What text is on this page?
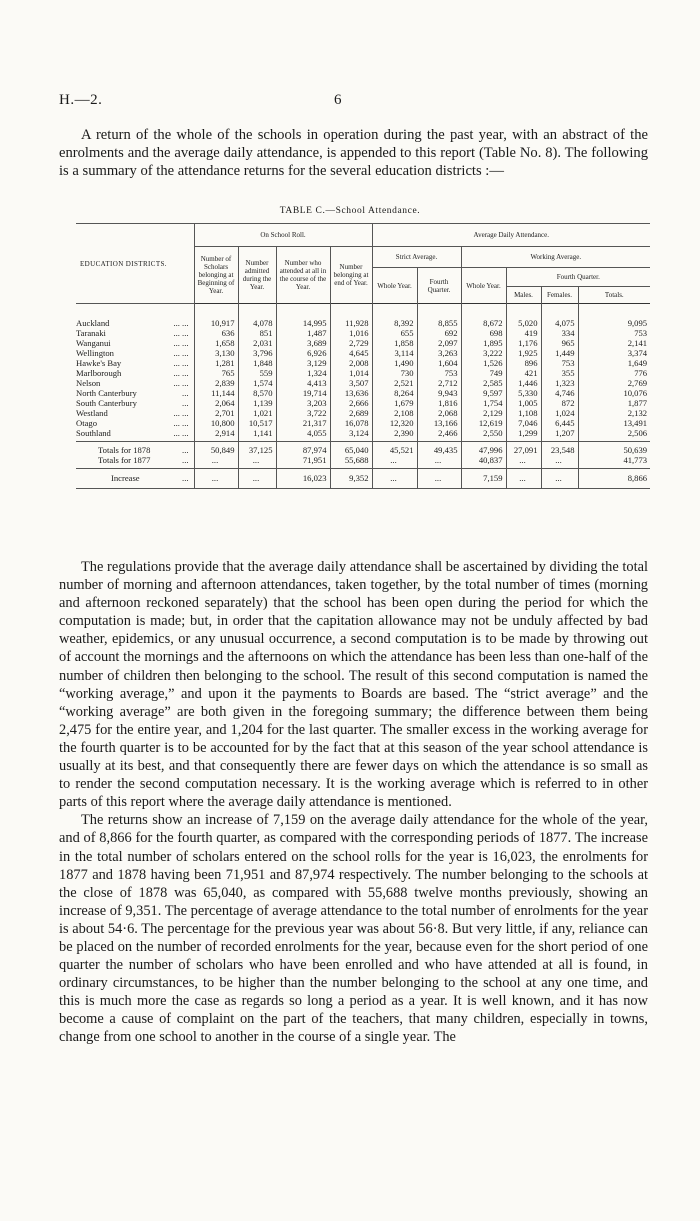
H.—2.	6

A return of the whole of the schools in operation during the past year, with an abstract of the enrolments and the average daily attendance, is appended to this report (Table No. 8). The following is a summary of the attendance returns for the several education districts :—

TABLE C.—School Attendance.
EDUCATION DISTRICTS.	On School Roll.				Average Daily Attendance.					
	Number of Scholars belonging at Beginning of Year.	Number admitted during the Year.	Number who attended at all in the course of the Year.	Number belonging at end of Year.	Strict Average.		Working Average.			
					Whole Year.	Fourth Quarter.	Whole Year.	Fourth Quarter.		
								Males.	Females.	Totals.

... ...
Auckland	10,917	4,078	14,995	11,928	8,392	8,855	8,672	5,020	4,075	9,095

... ...
Taranaki	636	851	1,487	1,016	655	692	698	419	334	753

... ...
Wanganui	1,658	2,031	3,689	2,729	1,858	2,097	1,895	1,176	965	2,141

... ...
Wellington	3,130	3,796	6,926	4,645	3,114	3,263	3,222	1,925	1,449	3,374

... ...
Hawke's Bay	1,281	1,848	3,129	2,008	1,490	1,604	1,526	896	753	1,649

... ...
Marlborough	765	559	1,324	1,014	730	753	749	421	355	776

... ...
Nelson	2,839	1,574	4,413	3,507	2,521	2,712	2,585	1,446	1,323	2,769

...
North Canterbury	11,144	8,570	19,714	13,636	8,264	9,943	9,597	5,330	4,746	10,076

...
South Canterbury	2,064	1,139	3,203	2,666	1,679	1,816	1,754	1,005	872	1,877

... ...
Westland	2,701	1,021	3,722	2,689	2,108	2,068	2,129	1,108	1,024	2,132

... ...
Otago	10,800	10,517	21,317	16,078	12,320	13,166	12,619	7,046	6,445	13,491

... ...
Southland	2,914	1,141	4,055	3,124	2,390	2,466	2,550	1,299	1,207	2,506

...
Totals for 1878	50,849	37,125	87,974	65,040	45,521	49,435	47,996	27,091	23,548	50,639

...
Totals for 1877	...	...	71,951	55,688	...	...	40,837	...	...	41,773

...
Increase	...	...	16,023	9,352	...	...	7,159	...	...	8,866

The regulations provide that the average daily attendance shall be ascertained by dividing the total number of morning and afternoon attendances, taken together, by the total number of times (morning and afternoon reckoned separately) that the school has been open during the period for which the computation is made; but, in order that the capitation allowance may not be unduly affected by bad weather, epidemics, or any unusual occurrence, a second computation is to be made by throwing out of account the mornings and the afternoons on which the attendance has been less than one-half of the number of children then belonging to the school. The result of this second computation is named the “working average,” and upon it the payments to Boards are based. The “strict average” and the “working average” are both given in the foregoing summary; the difference between them being 2,475 for the entire year, and 1,204 for the last quarter. The smaller excess in the working average for the fourth quarter is to be accounted for by the fact that at this season of the year school attendance is usually at its best, and that consequently there are fewer days on which the attendance is so small as to render the second computation necessary. It is the working average which is referred to in other parts of this report where the average daily attendance is mentioned.

The returns show an increase of 7,159 on the average daily attendance for the whole of the year, and of 8,866 for the fourth quarter, as compared with the corresponding periods of 1877. The increase in the total number of scholars entered on the school rolls for the year is 16,023, the enrolments for 1877 and 1878 having been 71,951 and 87,974 respectively. The number belonging to the schools at the close of 1878 was 65,040, as compared with 55,688 twelve months previously, showing an increase of 9,351. The percentage of average attendance to the total number of enrolments for the year is about 54·6. The percentage for the previous year was about 56·8. But very little, if any, reliance can be placed on the number of recorded enrolments for the year, because even for the short period of one quarter the number of scholars who have been enrolled and who have attended at all is found, in ordinary circumstances, to be higher than the number belonging to the school at any one time, and this is much more the case as regards so long a period as a year. It is well known, and it has now become a cause of complaint on the part of the teachers, that many children, especially in towns, change from one school to another in the course of a single year. The
